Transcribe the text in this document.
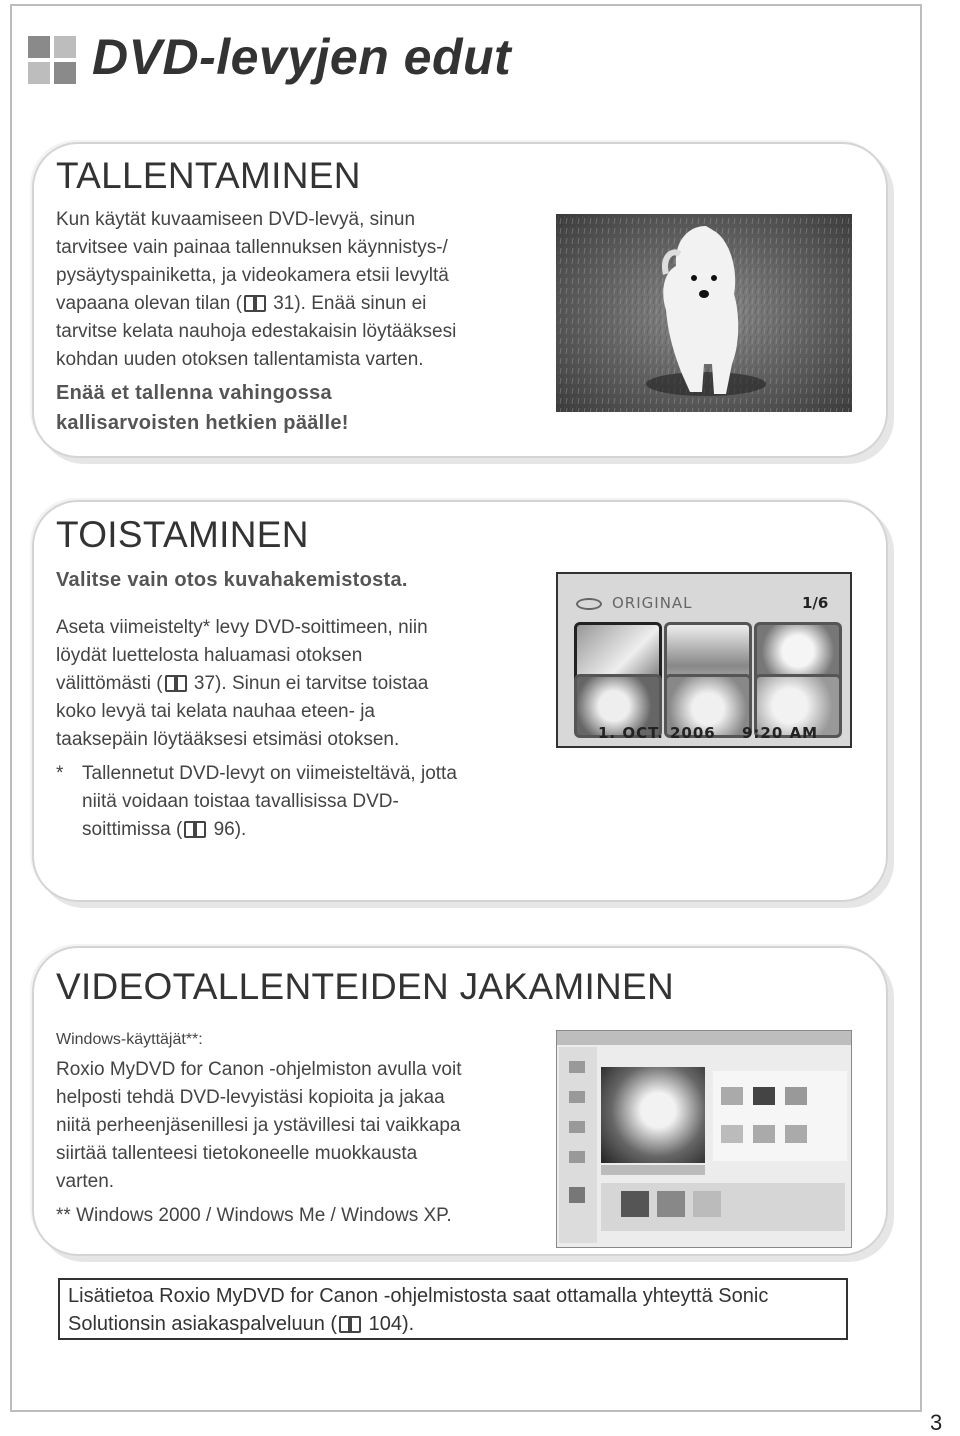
DVD-levyjen edut
TALLENTAMINEN
Kun käytät kuvaamiseen DVD-levyä, sinun
tarvitsee vain painaa tallennuksen käynnistys-/
pysäytyspainiketta, ja videokamera etsii levyltä
vapaana olevan tilan ( 31). Enää sinun ei
tarvitse kelata nauhoja edestakaisin löytääksesi
kohdan uuden otoksen tallentamista varten.
Enää et tallenna vahingossa
kallisarvoisten hetkien päälle!
TOISTAMINEN
Valitse vain otos kuvahakemistosta.
Aseta viimeistelty* levy DVD-soittimeen, niin
löydät luettelosta haluamasi otoksen
välittömästi ( 37). Sinun ei tarvitse toistaa
koko levyä tai kelata nauhaa eteen- ja
taaksepäin löytääksesi etsimäsi otoksen.
* Tallennetut DVD-levyt on viimeisteltävä, jotta
niitä voidaan toistaa tavallisissa DVD-
soittimissa ( 96).
ORIGINAL	1/6
1. OCT. 2006 9:20 AM
VIDEOTALLENTEIDEN JAKAMINEN
Windows-käyttäjät**:
Roxio MyDVD for Canon -ohjelmiston avulla voit
helposti tehdä DVD-levyistäsi kopioita ja jakaa
niitä perheenjäsenillesi ja ystävillesi tai vaikkapa
siirtää tallenteesi tietokoneelle muokkausta
varten.
** Windows 2000 / Windows Me / Windows XP.
Lisätietoa Roxio MyDVD for Canon -ohjelmistosta saat ottamalla yhteyttä Sonic
Solutionsin asiakaspalveluun ( 104).
3
